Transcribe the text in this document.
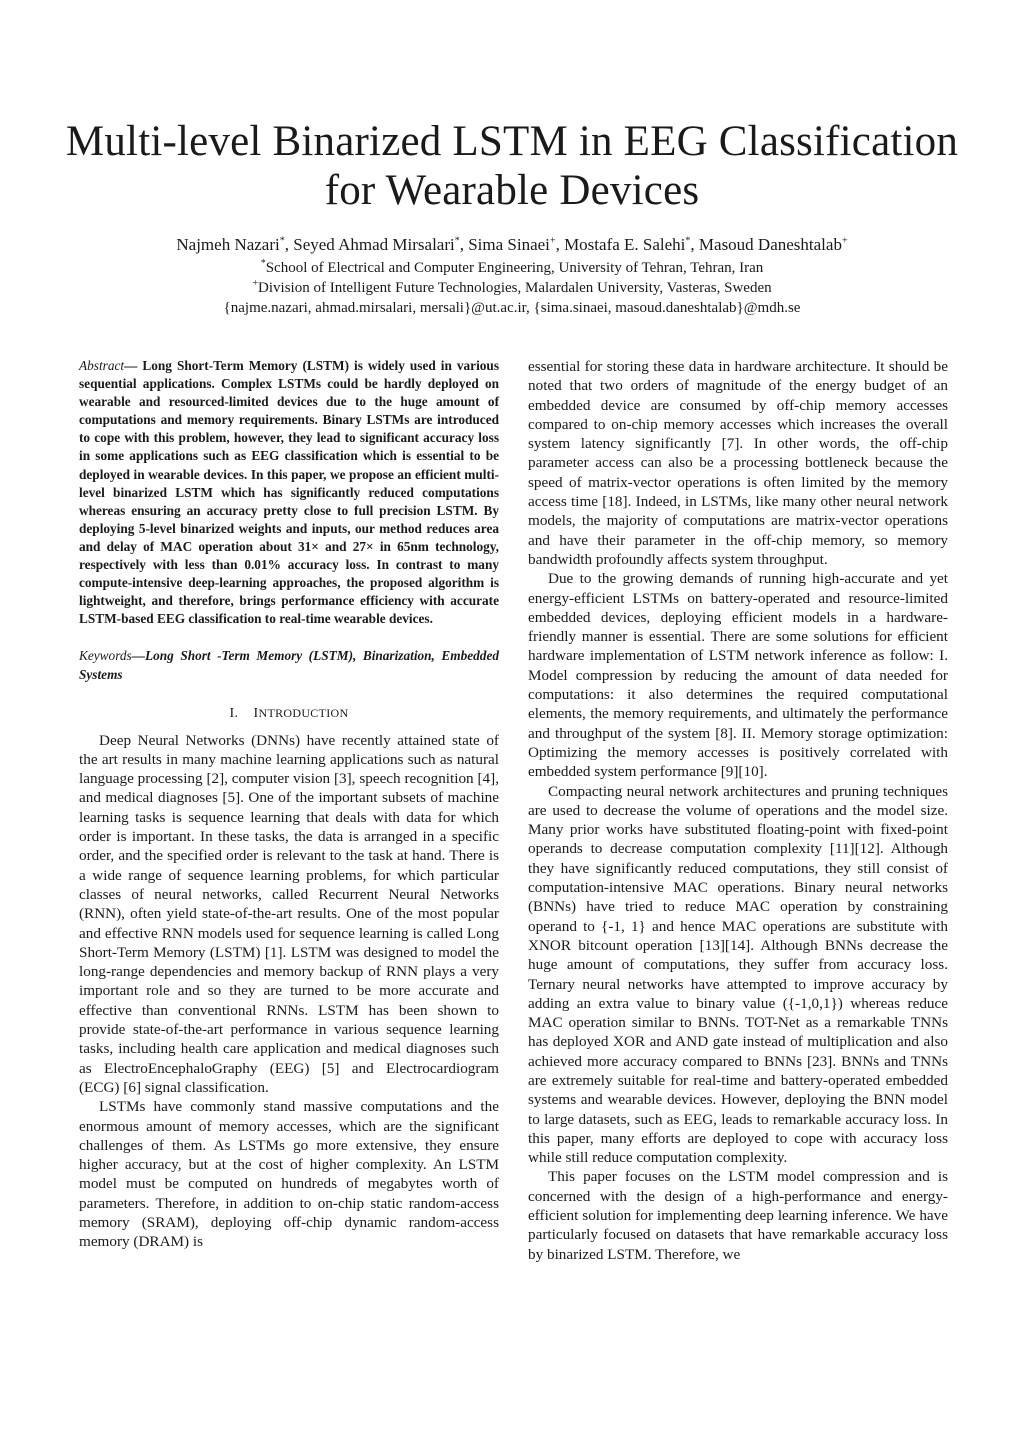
Multi-level Binarized LSTM in EEG Classification
for Wearable Devices
Najmeh Nazari*, Seyed Ahmad Mirsalari*, Sima Sinaei+, Mostafa E. Salehi*, Masoud Daneshtalab+
*School of Electrical and Computer Engineering, University of Tehran, Tehran, Iran
+Division of Intelligent Future Technologies, Malardalen University, Vasteras, Sweden
{najme.nazari, ahmad.mirsalari, mersali}@ut.ac.ir, {sima.sinaei, masoud.daneshtalab}@mdh.se

Abstract— Long Short-Term Memory (LSTM) is widely used in various sequential applications. Complex LSTMs could be hardly deployed on wearable and resourced-limited devices due to the huge amount of computations and memory requirements. Binary LSTMs are introduced to cope with this problem, however, they lead to significant accuracy loss in some applications such as EEG classification which is essential to be deployed in wearable devices. In this paper, we propose an efficient multi-level binarized LSTM which has significantly reduced computations whereas ensuring an accuracy pretty close to full precision LSTM. By deploying 5-level binarized weights and inputs, our method reduces area and delay of MAC operation about 31× and 27× in 65nm technology, respectively with less than 0.01% accuracy loss. In contrast to many compute-intensive deep-learning approaches, the proposed algorithm is lightweight, and therefore, brings performance efficiency with accurate LSTM-based EEG classification to real-time wearable devices.

Keywords—Long Short -Term Memory (LSTM), Binarization, Embedded Systems

I. INTRODUCTION

Deep Neural Networks (DNNs) have recently attained state of the art results in many machine learning applications such as natural language processing [2], computer vision [3], speech recognition [4], and medical diagnoses [5]. One of the important subsets of machine learning tasks is sequence learning that deals with data for which order is important. In these tasks, the data is arranged in a specific order, and the specified order is relevant to the task at hand. There is a wide range of sequence learning problems, for which particular classes of neural networks, called Recurrent Neural Networks (RNN), often yield state-of-the-art results. One of the most popular and effective RNN models used for sequence learning is called Long Short-Term Memory (LSTM) [1]. LSTM was designed to model the long-range dependencies and memory backup of RNN plays a very important role and so they are turned to be more accurate and effective than conventional RNNs. LSTM has been shown to provide state-of-the-art performance in various sequence learning tasks, including health care application and medical diagnoses such as ElectroEncephaloGraphy (EEG) [5] and Electrocardiogram (ECG) [6] signal classification.

LSTMs have commonly stand massive computations and the enormous amount of memory accesses, which are the significant challenges of them. As LSTMs go more extensive, they ensure higher accuracy, but at the cost of higher complexity. An LSTM model must be computed on hundreds of megabytes worth of parameters. Therefore, in addition to on-chip static random-access memory (SRAM), deploying off-chip dynamic random-access memory (DRAM) is

essential for storing these data in hardware architecture. It should be noted that two orders of magnitude of the energy budget of an embedded device are consumed by off-chip memory accesses compared to on-chip memory accesses which increases the overall system latency significantly [7]. In other words, the off-chip parameter access can also be a processing bottleneck because the speed of matrix-vector operations is often limited by the memory access time [18]. Indeed, in LSTMs, like many other neural network models, the majority of computations are matrix-vector operations and have their parameter in the off-chip memory, so memory bandwidth profoundly affects system throughput.

Due to the growing demands of running high-accurate and yet energy-efficient LSTMs on battery-operated and resource-limited embedded devices, deploying efficient models in a hardware-friendly manner is essential. There are some solutions for efficient hardware implementation of LSTM network inference as follow: I. Model compression by reducing the amount of data needed for computations: it also determines the required computational elements, the memory requirements, and ultimately the performance and throughput of the system [8]. II. Memory storage optimization: Optimizing the memory accesses is positively correlated with embedded system performance [9][10].

Compacting neural network architectures and pruning techniques are used to decrease the volume of operations and the model size. Many prior works have substituted floating-point with fixed-point operands to decrease computation complexity [11][12]. Although they have significantly reduced computations, they still consist of computation-intensive MAC operations. Binary neural networks (BNNs) have tried to reduce MAC operation by constraining operand to {-1, 1} and hence MAC operations are substitute with XNOR bitcount operation [13][14]. Although BNNs decrease the huge amount of computations, they suffer from accuracy loss. Ternary neural networks have attempted to improve accuracy by adding an extra value to binary value ({-1,0,1}) whereas reduce MAC operation similar to BNNs. TOT-Net as a remarkable TNNs has deployed XOR and AND gate instead of multiplication and also achieved more accuracy compared to BNNs [23]. BNNs and TNNs are extremely suitable for real-time and battery-operated embedded systems and wearable devices. However, deploying the BNN model to large datasets, such as EEG, leads to remarkable accuracy loss. In this paper, many efforts are deployed to cope with accuracy loss while still reduce computation complexity.

This paper focuses on the LSTM model compression and is concerned with the design of a high-performance and energy-efficient solution for implementing deep learning inference. We have particularly focused on datasets that have remarkable accuracy loss by binarized LSTM. Therefore, we
